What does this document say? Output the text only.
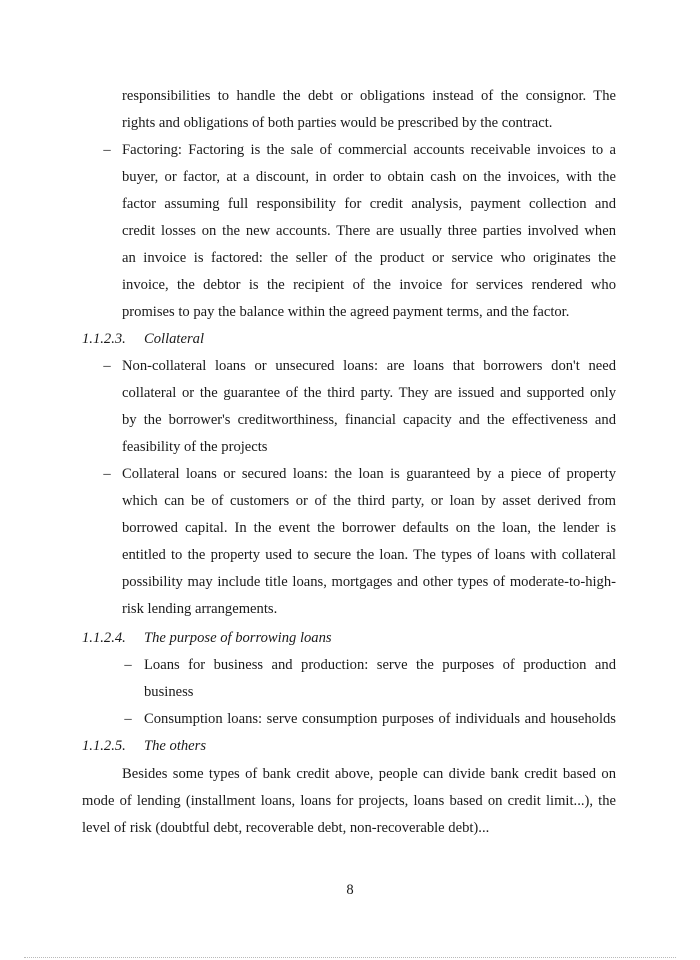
responsibilities to handle the debt or obligations instead of the consignor. The
rights and obligations of both parties would be prescribed by the contract.
– Factoring: Factoring is the sale of commercial accounts receivable invoices to a
buyer, or factor, at a discount, in order to obtain cash on the invoices, with the
factor assuming full responsibility for credit analysis, payment collection and
credit losses on the new accounts. There are usually three parties involved when
an invoice is factored: the seller of the product or service who originates the
invoice, the debtor is the recipient of the invoice for services rendered who
promises to pay the balance within the agreed payment terms, and the factor.
1.1.2.3. Collateral
– Non-collateral loans or unsecured loans: are loans that borrowers don't need
collateral or the guarantee of the third party. They are issued and supported only
by the borrower's creditworthiness, financial capacity and the effectiveness and
feasibility of the projects
– Collateral loans or secured loans: the loan is guaranteed by a piece of property
which can be of customers or of the third party, or loan by asset derived from
borrowed capital. In the event the borrower defaults on the loan, the lender is
entitled to the property used to secure the loan. The types of loans with collateral
possibility may include title loans, mortgages and other types of moderate-to-high-
risk lending arrangements.
1.1.2.4. The purpose of borrowing loans
– Loans for business and production: serve the purposes of production and
business
– Consumption loans: serve consumption purposes of individuals and households
1.1.2.5. The others
Besides some types of bank credit above, people can divide bank credit based on
mode of lending (installment loans, loans for projects, loans based on credit limit...), the
level of risk (doubtful debt, recoverable debt, non-recoverable debt)...
8
